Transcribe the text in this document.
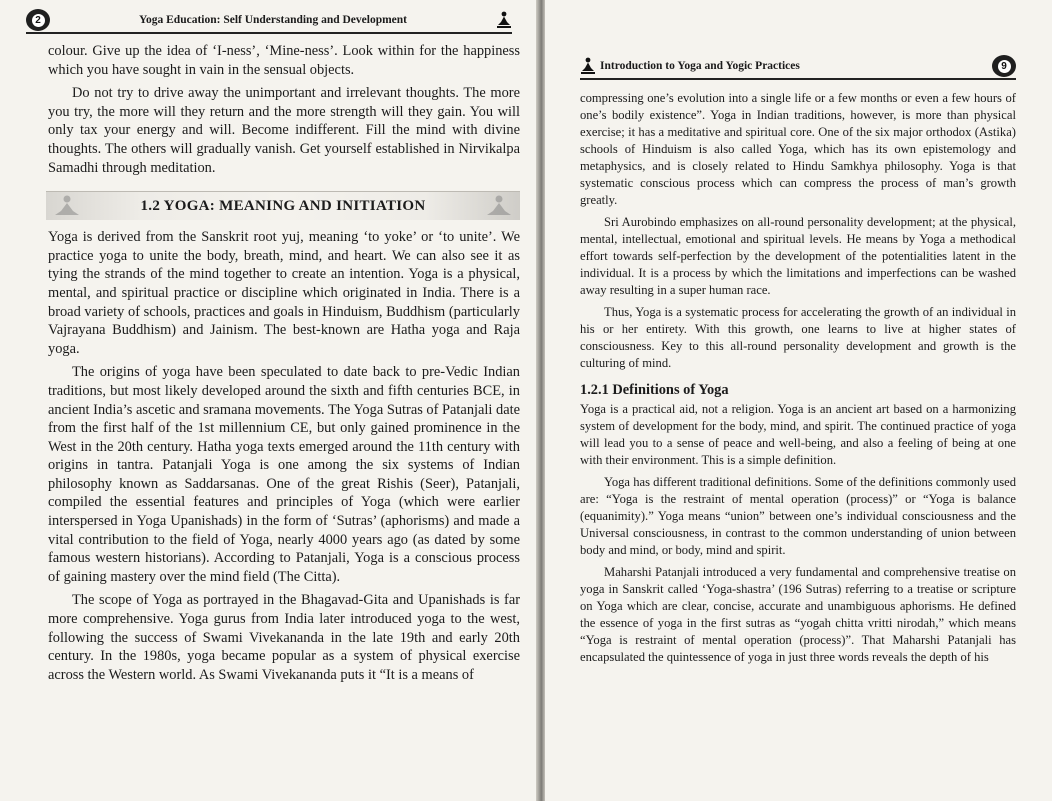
2	Yoga Education: Self Understanding and Development

colour. Give up the idea of ‘I-ness’, ‘Mine-ness’. Look within for the happiness which you have sought in vain in the sensual objects.

Do not try to drive away the unimportant and irrelevant thoughts. The more you try, the more will they return and the more strength will they gain. You will only tax your energy and will. Become indifferent. Fill the mind with divine thoughts. The others will gradually vanish. Get yourself established in Nirvikalpa Samadhi through meditation.

1.2 YOGA: MEANING AND INITIATION

Yoga is derived from the Sanskrit root yuj, meaning ‘to yoke’ or ‘to unite’. We practice yoga to unite the body, breath, mind, and heart. We can also see it as tying the strands of the mind together to create an intention. Yoga is a physical, mental, and spiritual practice or discipline which originated in India. There is a broad variety of schools, practices and goals in Hinduism, Buddhism (particularly Vajrayana Buddhism) and Jainism. The best-known are Hatha yoga and Raja yoga.

The origins of yoga have been speculated to date back to pre-Vedic Indian traditions, but most likely developed around the sixth and fifth centuries BCE, in ancient India’s ascetic and sramana movements. The Yoga Sutras of Patanjali date from the first half of the 1st millennium CE, but only gained prominence in the West in the 20th century. Hatha yoga texts emerged around the 11th century with origins in tantra. Patanjali Yoga is one among the six systems of Indian philosophy known as Saddarsanas. One of the great Rishis (Seer), Patanjali, compiled the essential features and principles of Yoga (which were earlier interspersed in Yoga Upanishads) in the form of ‘Sutras’ (aphorisms) and made a vital contribution to the field of Yoga, nearly 4000 years ago (as dated by some famous western historians). According to Patanjali, Yoga is a conscious process of gaining mastery over the mind field (The Citta).

The scope of Yoga as portrayed in the Bhagavad-Gita and Upanishads is far more comprehensive. Yoga gurus from India later introduced yoga to the west, following the success of Swami Vivekananda in the late 19th and early 20th century. In the 1980s, yoga became popular as a system of physical exercise across the Western world. As Swami Vivekananda puts it “It is a means of

Introduction to Yoga and Yogic Practices	9

compressing one’s evolution into a single life or a few months or even a few hours of one’s bodily existence”. Yoga in Indian traditions, however, is more than physical exercise; it has a meditative and spiritual core. One of the six major orthodox (Astika) schools of Hinduism is also called Yoga, which has its own epistemology and metaphysics, and is closely related to Hindu Samkhya philosophy. Yoga is that systematic conscious process which can compress the process of man’s growth greatly.

Sri Aurobindo emphasizes on all-round personality development; at the physical, mental, intellectual, emotional and spiritual levels. He means by Yoga a methodical effort towards self-perfection by the development of the potentialities latent in the individual. It is a process by which the limitations and imperfections can be washed away resulting in a super human race.

Thus, Yoga is a systematic process for accelerating the growth of an individual in his or her entirety. With this growth, one learns to live at higher states of consciousness. Key to this all-round personality development and growth is the culturing of mind.

1.2.1 Definitions of Yoga

Yoga is a practical aid, not a religion. Yoga is an ancient art based on a harmonizing system of development for the body, mind, and spirit. The continued practice of yoga will lead you to a sense of peace and well-being, and also a feeling of being at one with their environment. This is a simple definition.

Yoga has different traditional definitions. Some of the definitions commonly used are: “Yoga is the restraint of mental operation (process)” or “Yoga is balance (equanimity).” Yoga means “union” between one’s individual consciousness and the Universal consciousness, in contrast to the common understanding of union between body and mind, or body, mind and spirit.

Maharshi Patanjali introduced a very fundamental and comprehensive treatise on yoga in Sanskrit called ‘Yoga-shastra’ (196 Sutras) referring to a treatise or scripture on Yoga which are clear, concise, accurate and unambiguous aphorisms. He defined the essence of yoga in the first sutras as “yogah chitta vritti nirodah,” which means “Yoga is restraint of mental operation (process)”. That Maharshi Patanjali has encapsulated the quintessence of yoga in just three words reveals the depth of his
